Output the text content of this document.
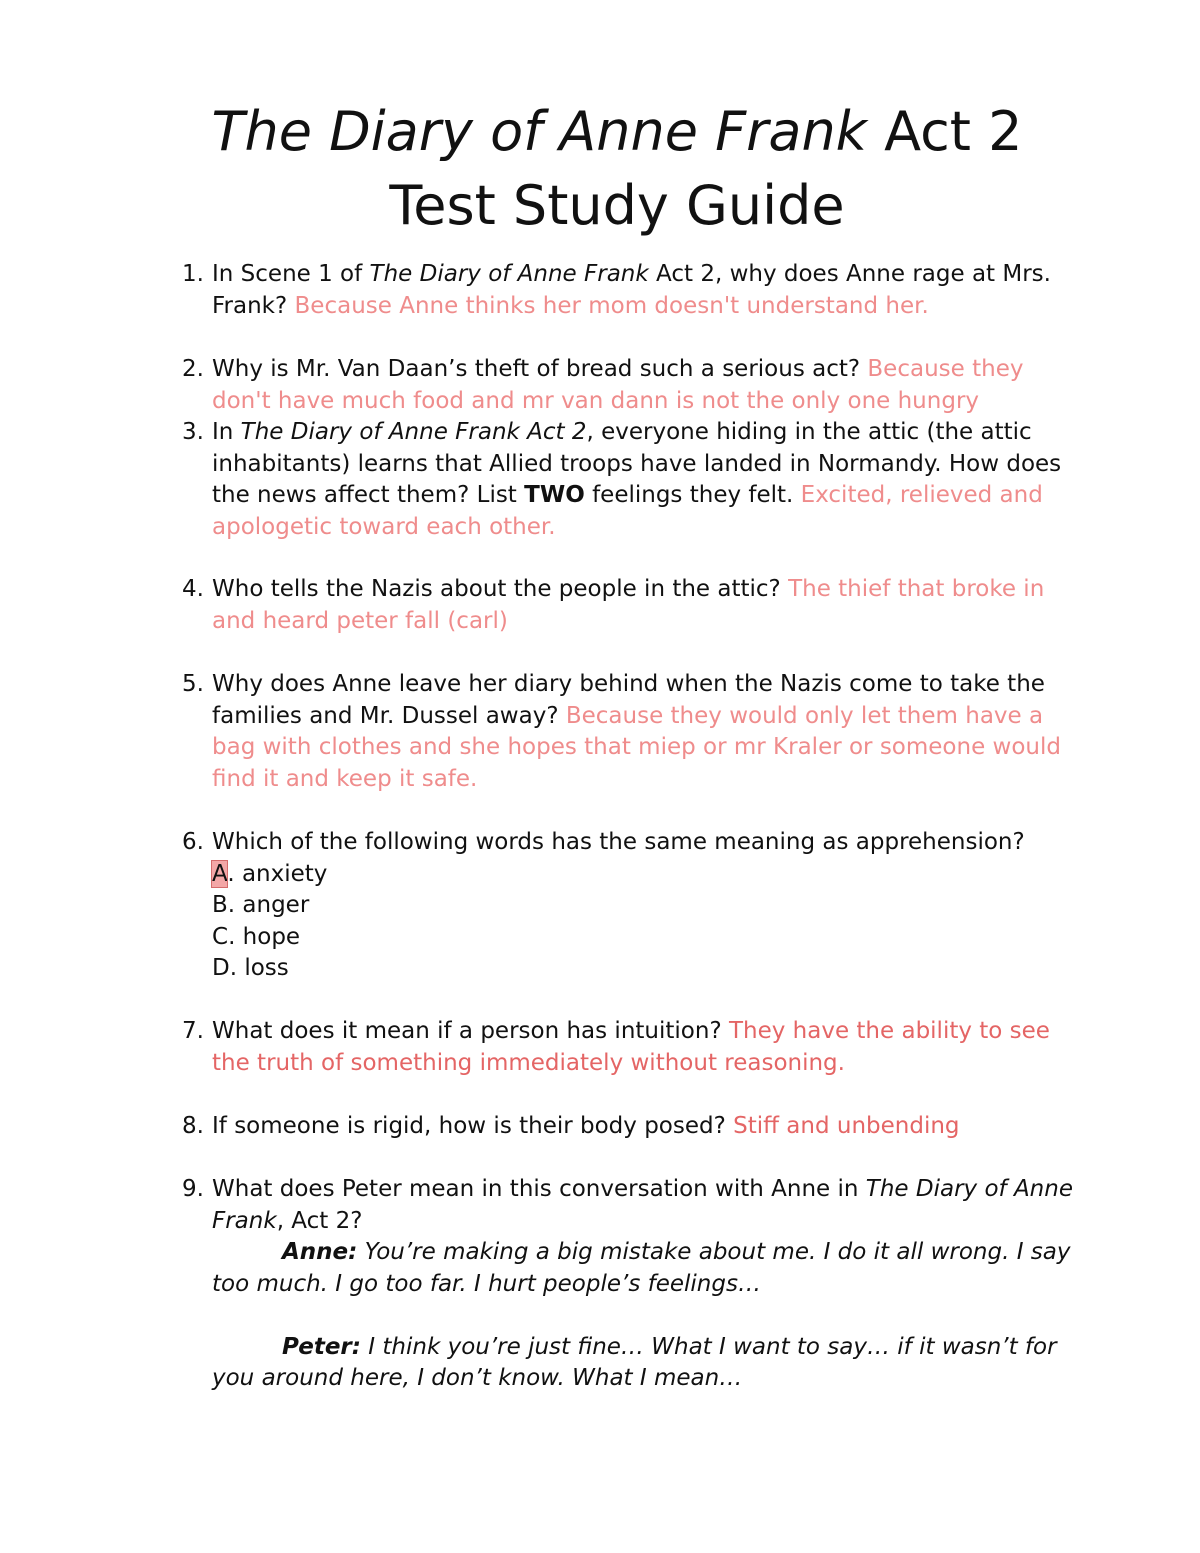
The Diary of Anne Frank Act 2
Test Study Guide

1. In Scene 1 of The Diary of Anne Frank Act 2, why does Anne rage at Mrs. Frank? Because Anne thinks her mom doesn't understand her.

2. Why is Mr. Van Daan’s theft of bread such a serious act? Because they don't have much food and mr van dann is not the only one hungry

3. In The Diary of Anne Frank Act 2, everyone hiding in the attic (the attic inhabitants) learns that Allied troops have landed in Normandy. How does the news affect them? List TWO feelings they felt. Excited, relieved and apologetic toward each other.

4. Who tells the Nazis about the people in the attic? The thief that broke in and heard peter fall (carl)

5. Why does Anne leave her diary behind when the Nazis come to take the families and Mr. Dussel away? Because they would only let them have a bag with clothes and she hopes that miep or mr Kraler or someone would find it and keep it safe.

6. Which of the following words has the same meaning as apprehension?
A. anxiety
B. anger
C. hope
D. loss

7. What does it mean if a person has intuition? They have the ability to see the truth of something immediately without reasoning.

8. If someone is rigid, how is their body posed? Stiff and unbending

9. What does Peter mean in this conversation with Anne in The Diary of Anne Frank, Act 2?
Anne: You’re making a big mistake about me. I do it all wrong. I say too much. I go too far. I hurt people’s feelings…
Peter: I think you’re just fine… What I want to say… if it wasn’t for you around here, I don’t know. What I mean…
